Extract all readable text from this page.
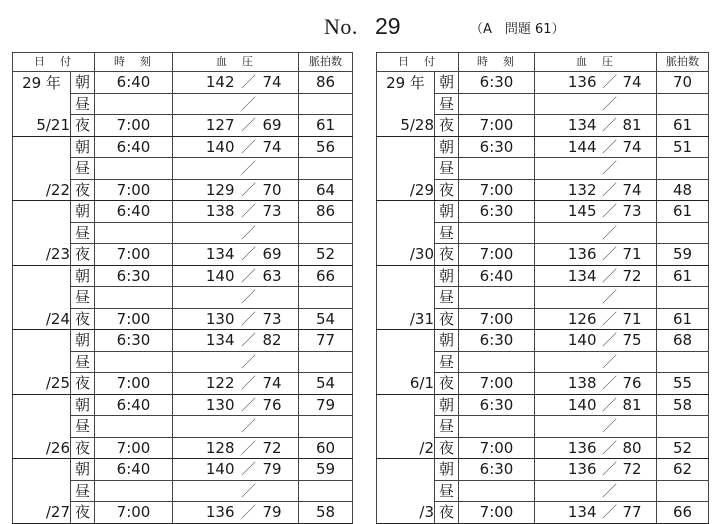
No. 29	（A　問題 61）
日　付		時　刻	血　圧			脈拍数
29 年	朝	6:40	142	／	74	86
	昼			／		
5/21	夜	7:00	127	／	69	61
	朝	6:40	140	／	74	56
	昼			／		
/22	夜	7:00	129	／	70	64
	朝	6:40	138	／	73	86
	昼			／		
/23	夜	7:00	134	／	69	52
	朝	6:30	140	／	63	66
	昼			／		
/24	夜	7:00	130	／	73	54
	朝	6:30	134	／	82	77
	昼			／		
/25	夜	7:00	122	／	74	54
	朝	6:40	130	／	76	79
	昼			／		
/26	夜	7:00	128	／	72	60
	朝	6:40	140	／	79	59
	昼			／		
/27	夜	7:00	136	／	79	58
日　付		時　刻	血　圧			脈拍数
29 年	朝	6:30	136	／	74	70
	昼			／		
5/28	夜	7:00	134	／	81	61
	朝	6:30	144	／	74	51
	昼			／		
/29	夜	7:00	132	／	74	48
	朝	6:30	145	／	73	61
	昼			／		
/30	夜	7:00	136	／	71	59
	朝	6:40	134	／	72	61
	昼			／		
/31	夜	7:00	126	／	71	61
	朝	6:30	140	／	75	68
	昼			／		
6/1	夜	7:00	138	／	76	55
	朝	6:30	140	／	81	58
	昼			／		
/2	夜	7:00	136	／	80	52
	朝	6:30	136	／	72	62
	昼			／		
/3	夜	7:00	134	／	77	66
